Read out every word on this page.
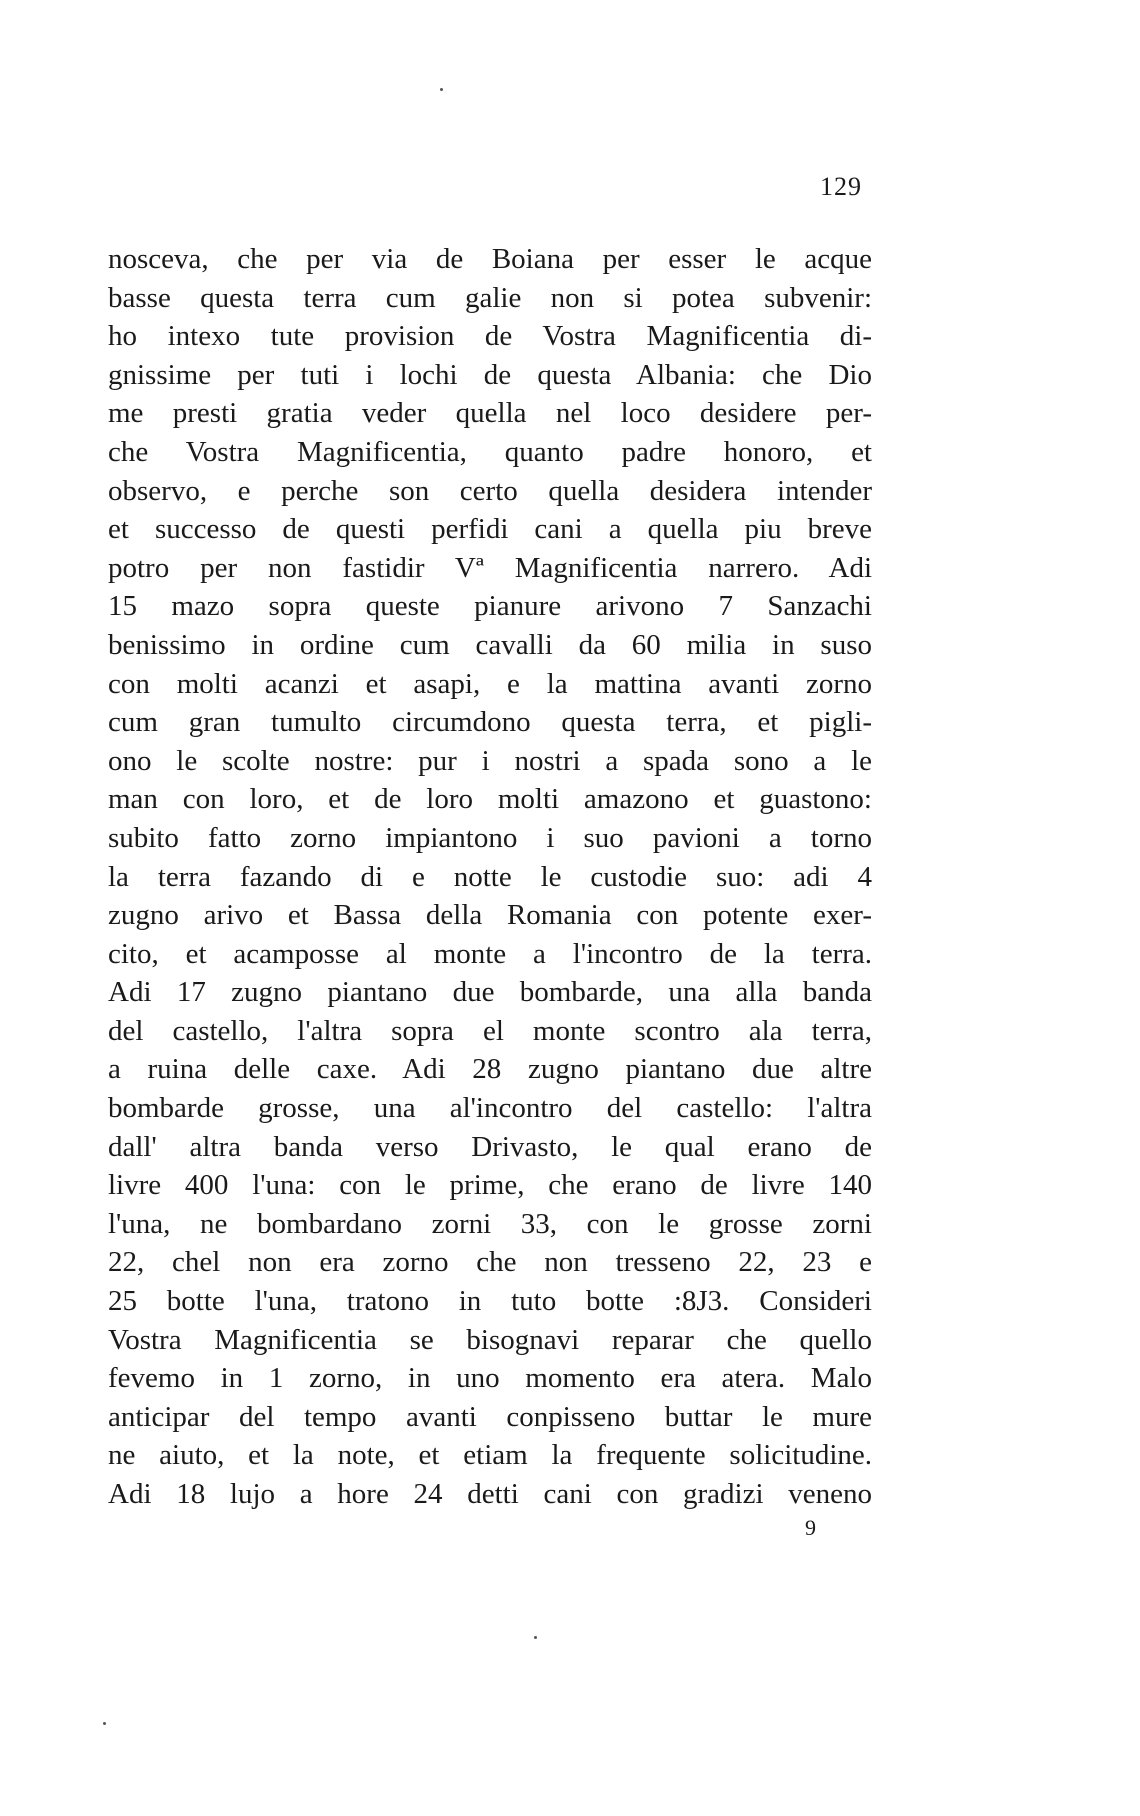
129
nosceva, che per via de Boiana per esser le acque
basse questa terra cum galie non si potea subvenir:
ho intexo tute provision de Vostra Magnificentia di-
gnissime per tuti i lochi de questa Albania: che Dio
me presti gratia veder quella nel loco desidere per-
che Vostra Magnificentia, quanto padre honoro, et
observo, e perche son certo quella desidera intender
et successo de questi perfidi cani a quella piu breve
potro per non fastidir Vª Magnificentia narrero. Adi
15 mazo sopra queste pianure arivono 7 Sanzachi
benissimo in ordine cum cavalli da 60 milia in suso
con molti acanzi et asapi, e la mattina avanti zorno
cum gran tumulto circumdono questa terra, et pigli-
ono le scolte nostre: pur i nostri a spada sono a le
man con loro, et de loro molti amazono et guastono:
subito fatto zorno impiantono i suo pavioni a torno
la terra fazando di e notte le custodie suo: adi 4
zugno arivo et Bassa della Romania con potente exer-
cito, et acamposse al monte a l'incontro de la terra.
Adi 17 zugno piantano due bombarde, una alla banda
del castello, l'altra sopra el monte scontro ala terra,
a ruina delle caxe. Adi 28 zugno piantano due altre
bombarde grosse, una al'incontro del castello: l'altra
dall' altra banda verso Drivasto, le qual erano de
livre 400 l'una: con le prime, che erano de livre 140
l'una, ne bombardano zorni 33, con le grosse zorni
22, chel non era zorno che non tresseno 22, 23 e
25 botte l'una, tratono in tuto botte :8J3. Consideri
Vostra Magnificentia se bisognavi reparar che quello
fevemo in 1 zorno, in uno momento era atera. Malo
anticipar del tempo avanti conpisseno buttar le mure
ne aiuto, et la note, et etiam la frequente solicitudine.
Adi 18 lujo a hore 24 detti cani con gradizi veneno
9
